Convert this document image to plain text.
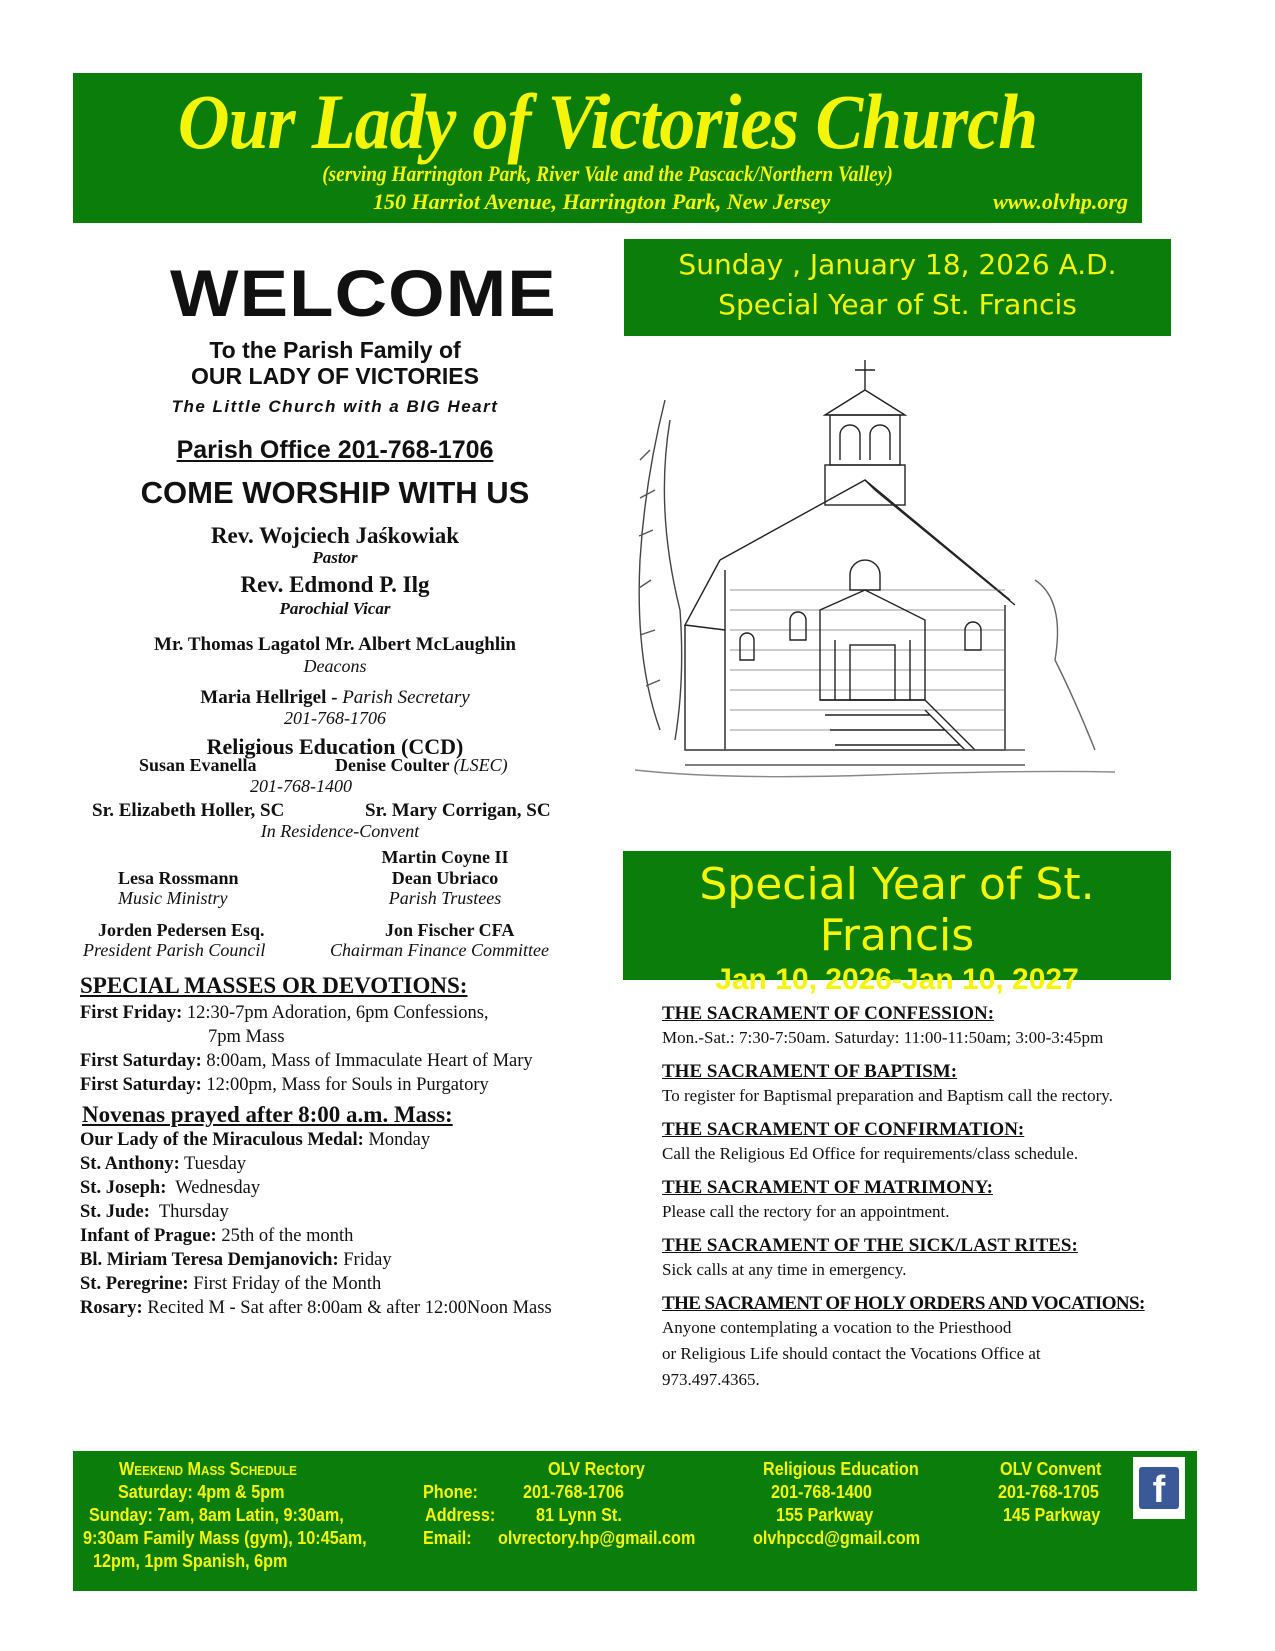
Our Lady of Victories Church
(serving Harrington Park, River Vale and the Pascack/Northern Valley)
150 Harriot Avenue, Harrington Park, New Jersey	www.olvhp.org
Sunday , January 18, 2026 A.D.
Special Year of St. Francis
WELCOME
To the Parish Family of
OUR LADY OF VICTORIES
The Little Church with a BIG Heart
Parish Office 201-768-1706
COME WORSHIP WITH US
Rev. Wojciech Jaśkowiak
Pastor
Rev. Edmond P. Ilg
Parochial Vicar
Mr. Thomas Lagatol Mr. Albert McLaughlin
Deacons
Maria Hellrigel - Parish Secretary
201-768-1706
Religious Education (CCD)
Susan Evanella	Denise Coulter (LSEC)
201-768-1400
Sr. Elizabeth Holler, SC	Sr. Mary Corrigan, SC
In Residence-Convent
Martin Coyne II
Lesa Rossmann	Dean Ubriaco
Music Ministry	Parish Trustees
Jorden Pedersen Esq.	Jon Fischer CFA
President Parish Council	Chairman Finance Committee
SPECIAL MASSES OR DEVOTIONS:
First Friday: 12:30-7pm Adoration, 6pm Confessions,
7pm Mass
First Saturday: 8:00am, Mass of Immaculate Heart of Mary
First Saturday: 12:00pm, Mass for Souls in Purgatory
Novenas prayed after 8:00 a.m. Mass:
Our Lady of the Miraculous Medal: Monday
St. Anthony: Tuesday
St. Joseph:  Wednesday
St. Jude:  Thursday
Infant of Prague: 25th of the month
Bl. Miriam Teresa Demjanovich: Friday
St. Peregrine: First Friday of the Month
Rosary: Recited M - Sat after 8:00am & after 12:00Noon Mass
Special Year of St. Francis
Jan 10, 2026-Jan 10, 2027
THE SACRAMENT OF CONFESSION:
Mon.-Sat.: 7:30-7:50am. Saturday: 11:00-11:50am; 3:00-3:45pm
THE SACRAMENT OF BAPTISM:
To register for Baptismal preparation and Baptism call the rectory.
THE SACRAMENT OF CONFIRMATION:
Call the Religious Ed Office for requirements/class schedule.
THE SACRAMENT OF MATRIMONY:
Please call the rectory for an appointment.
THE SACRAMENT OF THE SICK/LAST RITES:
Sick calls at any time in emergency.
THE SACRAMENT OF HOLY ORDERS AND VOCATIONS:
Anyone contemplating a vocation to the Priesthood
or Religious Life should contact the Vocations Office at
973.497.4365.
Weekend Mass Schedule
Saturday: 4pm & 5pm
Sunday: 7am, 8am Latin, 9:30am,
9:30am Family Mass (gym), 10:45am,
12pm, 1pm Spanish, 6pm
OLV Rectory
Phone:	201-768-1706
Address: 81 Lynn St.
Email: olvrectory.hp@gmail.com
Religious Education
201-768-1400
155 Parkway
olvhpccd@gmail.com
OLV Convent
201-768-1705
145 Parkway
f
